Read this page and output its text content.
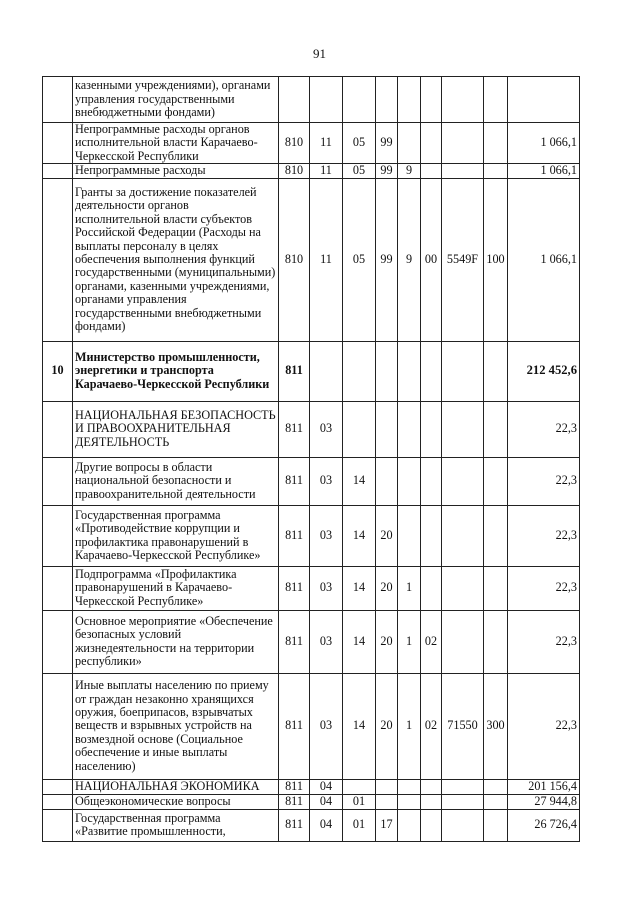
91
	казенными учреждениями), органами управления государственными внебюджетными фондами)									
	Непрограммные расходы органов исполнительной власти Карачаево-Черкесской Республики	810	11	05	99					1 066,1
	Непрограммные расходы	810	11	05	99	9				1 066,1
	Гранты за достижение показателей деятельности органов исполнительной власти субъектов Российской Федерации (Расходы на выплаты персоналу в целях обеспечения выполнения функций государственными (муниципальными) органами, казенными учреждениями, органами управления государственными внебюджетными фондами)	810	11	05	99	9	00	5549F	100	1 066,1
10	Министерство промышленности, энергетики и транспорта Карачаево-Черкесской Республики	811								212 452,6
	НАЦИОНАЛЬНАЯ БЕЗОПАСНОСТЬ И ПРАВООХРАНИТЕЛЬНАЯ ДЕЯТЕЛЬНОСТЬ	811	03							22,3
	Другие вопросы в области национальной безопасности и правоохранительной деятельности	811	03	14						22,3
	Государственная программа «Противодействие коррупции и профилактика правонарушений в Карачаево-Черкесской Республике»	811	03	14	20					22,3
	Подпрограмма «Профилактика правонарушений в Карачаево-Черкесской Республике»	811	03	14	20	1				22,3
	Основное мероприятие «Обеспечение безопасных условий жизнедеятельности на территории республики»	811	03	14	20	1	02			22,3
	Иные выплаты населению по приему от граждан незаконно хранящихся оружия, боеприпасов, взрывчатых веществ и взрывных устройств на возмездной основе (Социальное обеспечение и иные выплаты населению)	811	03	14	20	1	02	71550	300	22,3
	НАЦИОНАЛЬНАЯ ЭКОНОМИКА	811	04							201 156,4
	Общеэкономические вопросы	811	04	01						27 944,8
	Государственная программа «Развитие промышленности,	811	04	01	17					26 726,4
